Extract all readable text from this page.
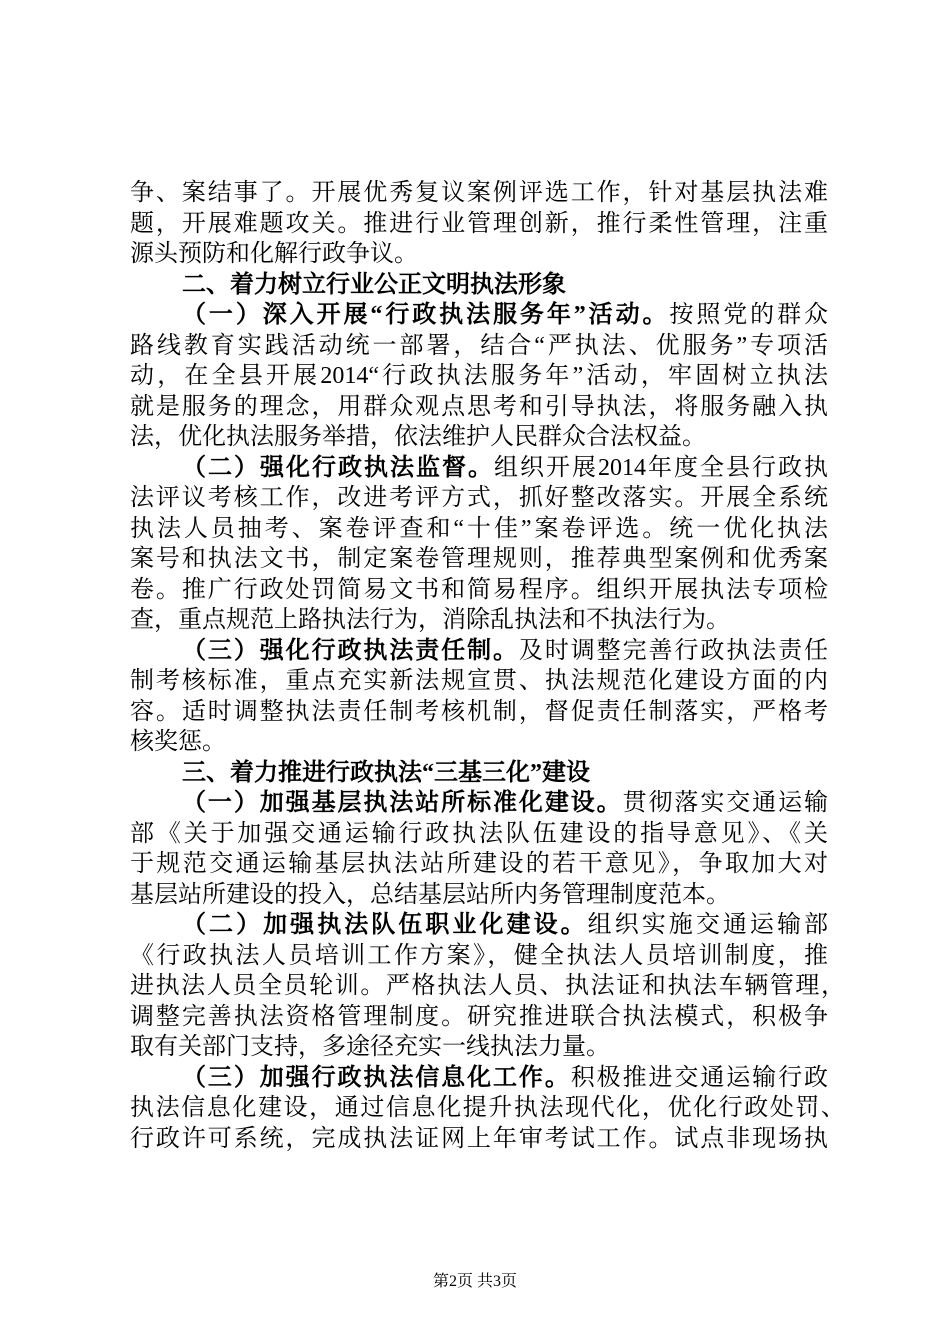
争、案结事了。开展优秀复议案例评选工作，针对基层执法难
题，开展难题攻关。推进行业管理创新，推行柔性管理，注重
源头预防和化解行政争议。
二、着力树立行业公正文明执法形象
（一）深入开展“行政执法服务年”活动。按照党的群众
路线教育实践活动统一部署，结合“严执法、优服务”专项活
动，在全县开展2014“行政执法服务年”活动，牢固树立执法
就是服务的理念，用群众观点思考和引导执法，将服务融入执
法，优化执法服务举措，依法维护人民群众合法权益。
（二）强化行政执法监督。组织开展2014年度全县行政执
法评议考核工作，改进考评方式，抓好整改落实。开展全系统
执法人员抽考、案卷评查和“十佳”案卷评选。统一优化执法
案号和执法文书，制定案卷管理规则，推荐典型案例和优秀案
卷。推广行政处罚简易文书和简易程序。组织开展执法专项检
查，重点规范上路执法行为，消除乱执法和不执法行为。
（三）强化行政执法责任制。及时调整完善行政执法责任
制考核标准，重点充实新法规宣贯、执法规范化建设方面的内
容。适时调整执法责任制考核机制，督促责任制落实，严格考
核奖惩。
三、着力推进行政执法“三基三化”建设
（一）加强基层执法站所标准化建设。贯彻落实交通运输
部《关于加强交通运输行政执法队伍建设的指导意见》、《关
于规范交通运输基层执法站所建设的若干意见》，争取加大对
基层站所建设的投入，总结基层站所内务管理制度范本。
（二）加强执法队伍职业化建设。组织实施交通运输部
《行政执法人员培训工作方案》，健全执法人员培训制度，推
进执法人员全员轮训。严格执法人员、执法证和执法车辆管理，
调整完善执法资格管理制度。研究推进联合执法模式，积极争
取有关部门支持，多途径充实一线执法力量。
（三）加强行政执法信息化工作。积极推进交通运输行政
执法信息化建设，通过信息化提升执法现代化，优化行政处罚、
行政许可系统，完成执法证网上年审考试工作。试点非现场执
第2页 共3页
